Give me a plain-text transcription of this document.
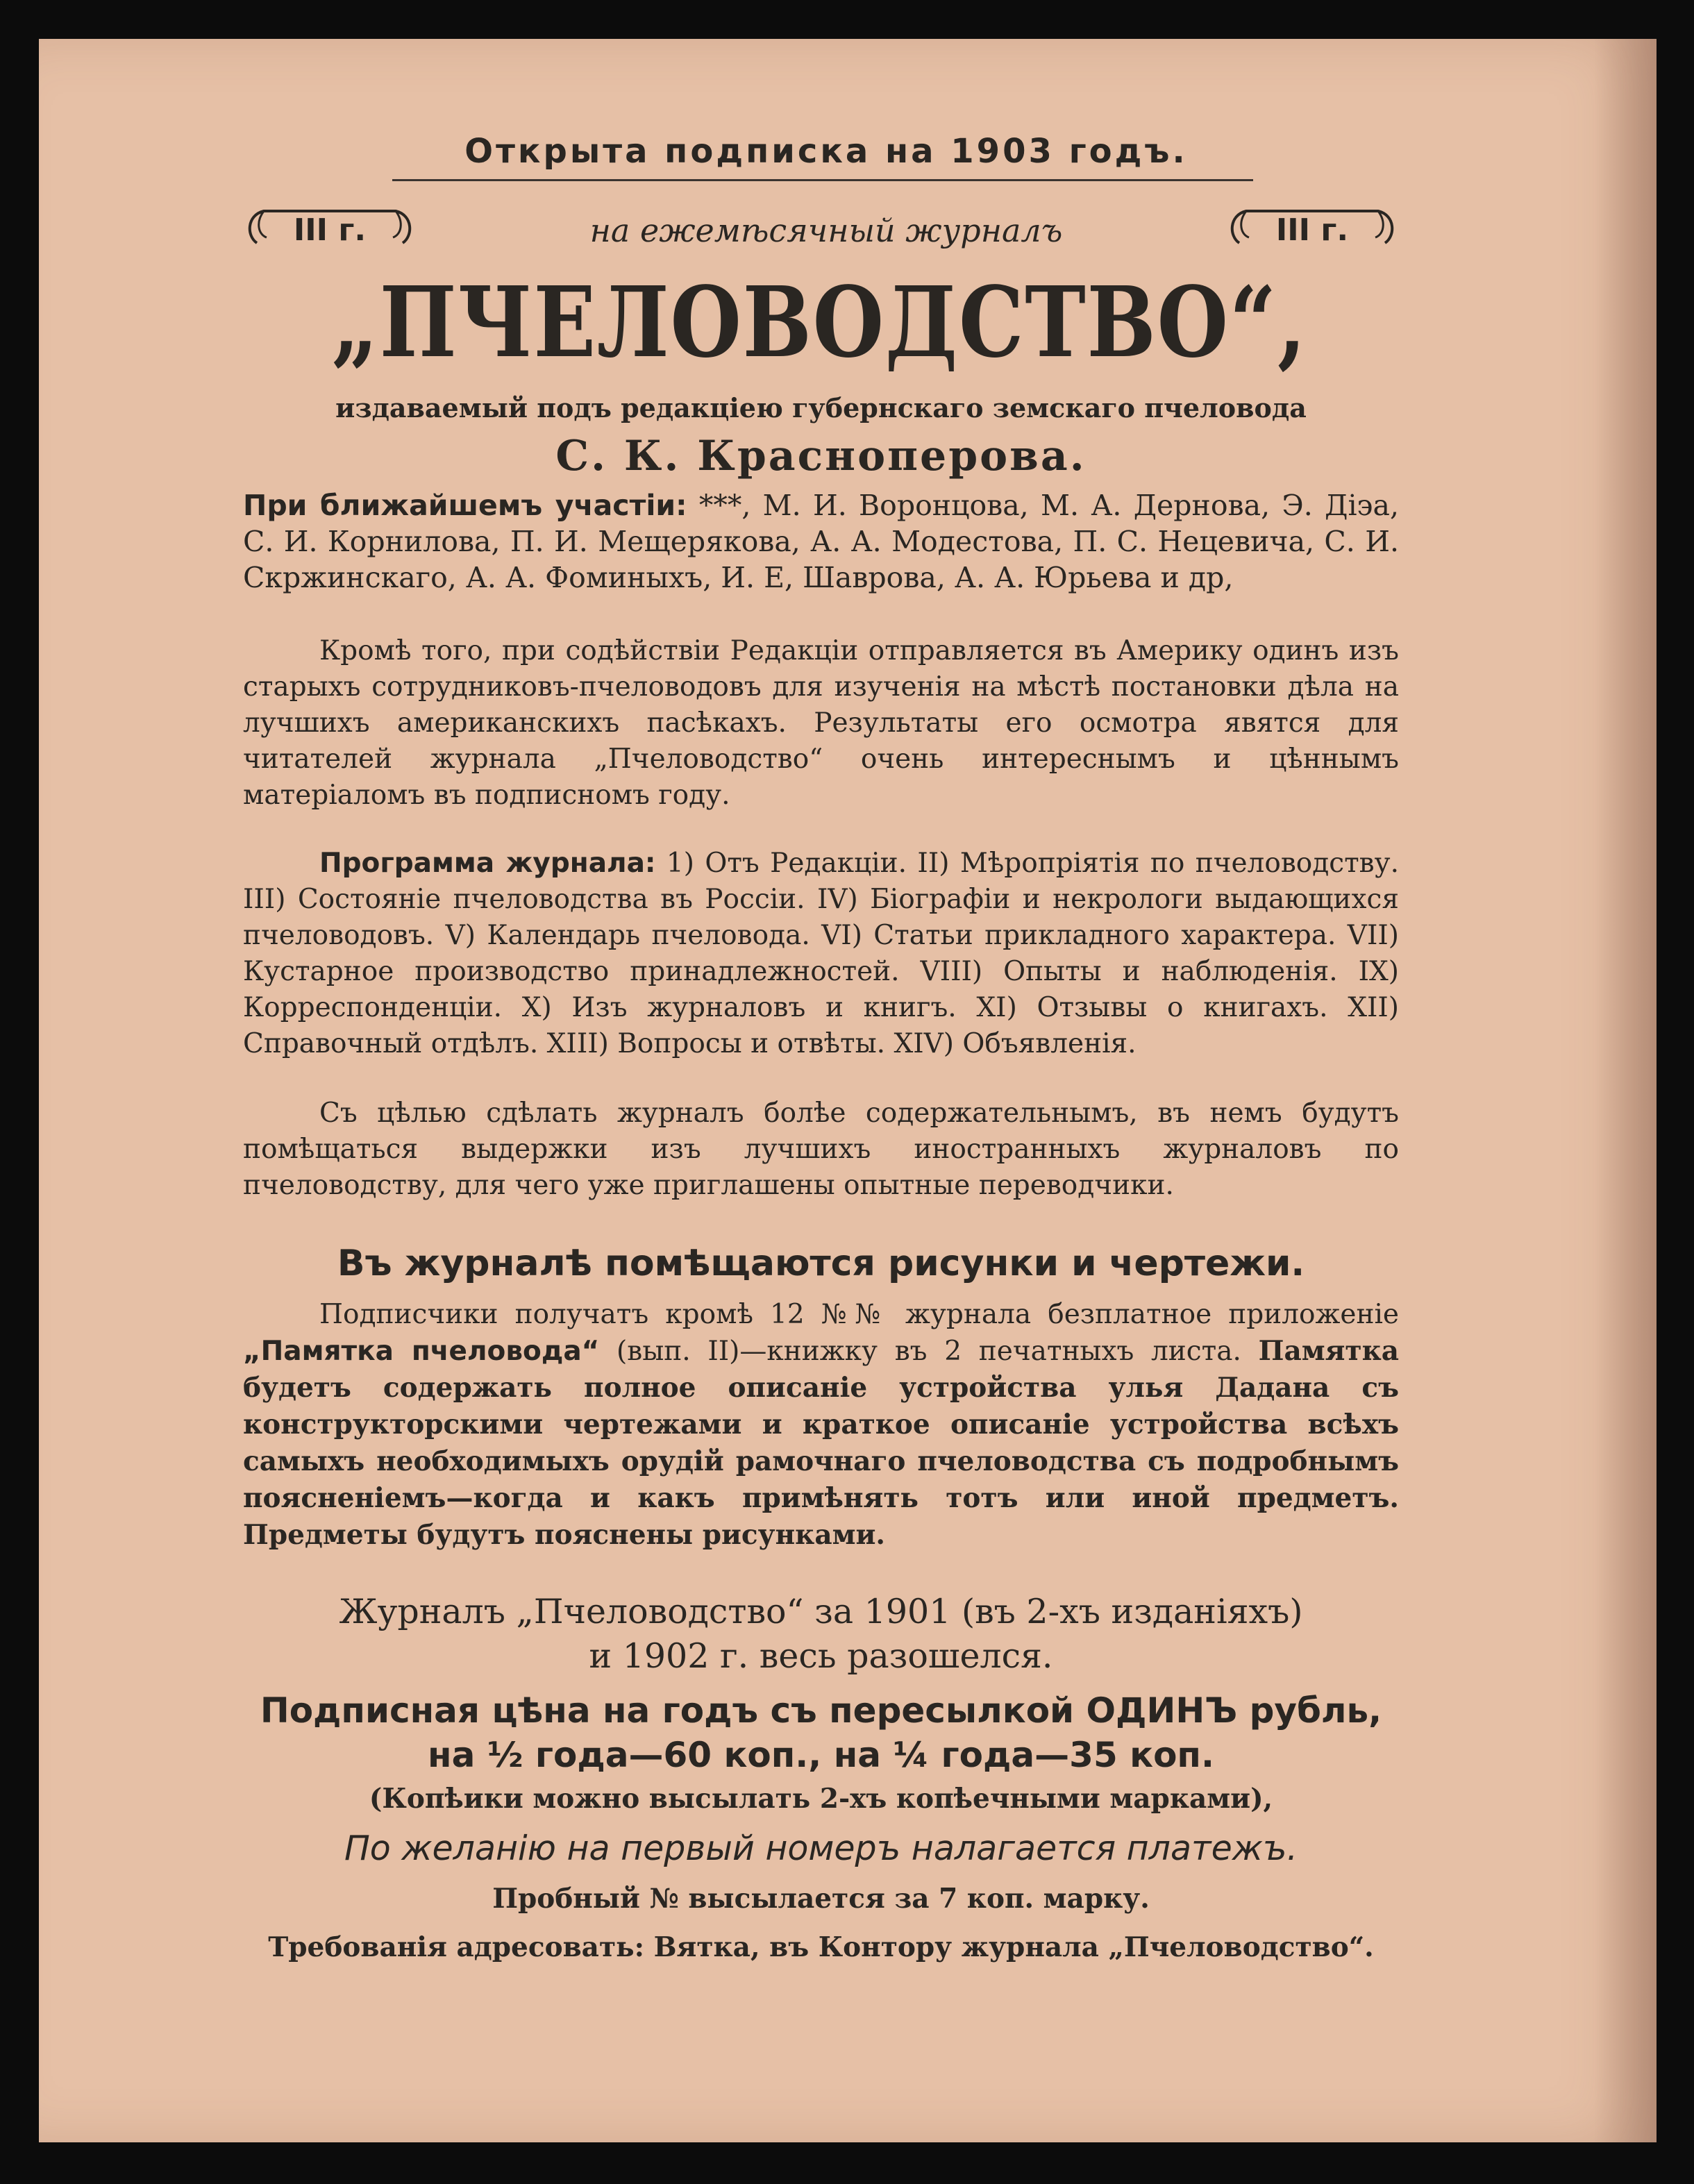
Открыта подписка на 1903 годъ.
III г.	III г.
на ежемѣсячный журналъ
„ПЧЕЛОВОДСТВО“,
издаваемый подъ редакціею губернскаго земскаго пчеловода
С. К. Краснoперова.
При ближайшемъ участіи: ***, М. И. Воронцова, М. А. Дернова, Э. Діэа, С. И. Корнилова, П. И. Мещерякова, А. А. Модестова, П. С. Нецевича, С. И. Скржинскаго, А. А. Фоминыхъ, И. Е, Шаврова, А. А. Юрьева и др,
Кромѣ того, при содѣйствіи Редакціи отправляется въ Америку одинъ изъ старыхъ сотрудниковъ-пчеловодовъ для изученія на мѣстѣ постановки дѣла на лучшихъ американскихъ пасѣкахъ. Результаты его осмотра явятся для читателей журнала „Пчеловодство“ очень интереснымъ и цѣннымъ матеріаломъ въ подписномъ году.
Программа журнала: 1) Отъ Редакціи. II) Мѣропріятія по пчеловодству. III) Состояніе пчеловодства въ Россіи. IV) Біографіи и некрологи выдающихся пчеловодовъ. V) Календарь пчеловода. VI) Статьи прикладного характера. VII) Кустарное производство принадлежностей. VIII) Опыты и наблюденія. IX) Корреспонденціи. X) Изъ журналовъ и книгъ. XI) Отзывы о книгахъ. XII) Справочный отдѣлъ. XIII) Вопросы и отвѣты. XIV) Объявленія.
Съ цѣлью сдѣлать журналъ болѣе содержательнымъ, въ немъ будутъ помѣщаться выдержки изъ лучшихъ иностранныхъ журналовъ по пчеловодству, для чего уже приглашены опытные переводчики.
Въ журналѣ помѣщаются рисунки и чертежи.
Подписчики получатъ кромѣ 12 №№ журнала безплатное приложеніе „Памятка пчеловода“ (вып. II)—книжку въ 2 печатныхъ листа. Памятка будетъ содержать полное описаніе устройства улья Дадана съ конструкторскими чертежами и краткое описаніе устройства всѣхъ самыхъ необходимыхъ орудій рамочнаго пчеловодства съ подробнымъ поясненіемъ—когда и какъ примѣнять тотъ или иной предметъ. Предметы будутъ пояснены рисунками.
Журналъ „Пчеловодство“ за 1901 (въ 2-хъ изданіяхъ)
и 1902 г. весь разошелся.
Подписная цѣна на годъ съ пересылкой ОДИНЪ рубль,
на ½ года—60 коп., на ¼ года—35 коп.
(Копѣики можно высылать 2-хъ копѣечными марками),
По желанію на первый номеръ налагается платежъ.
Пробный № высылается за 7 коп. марку.
Требованія адресовать: Вятка, въ Контору журнала „Пчеловодство“.
